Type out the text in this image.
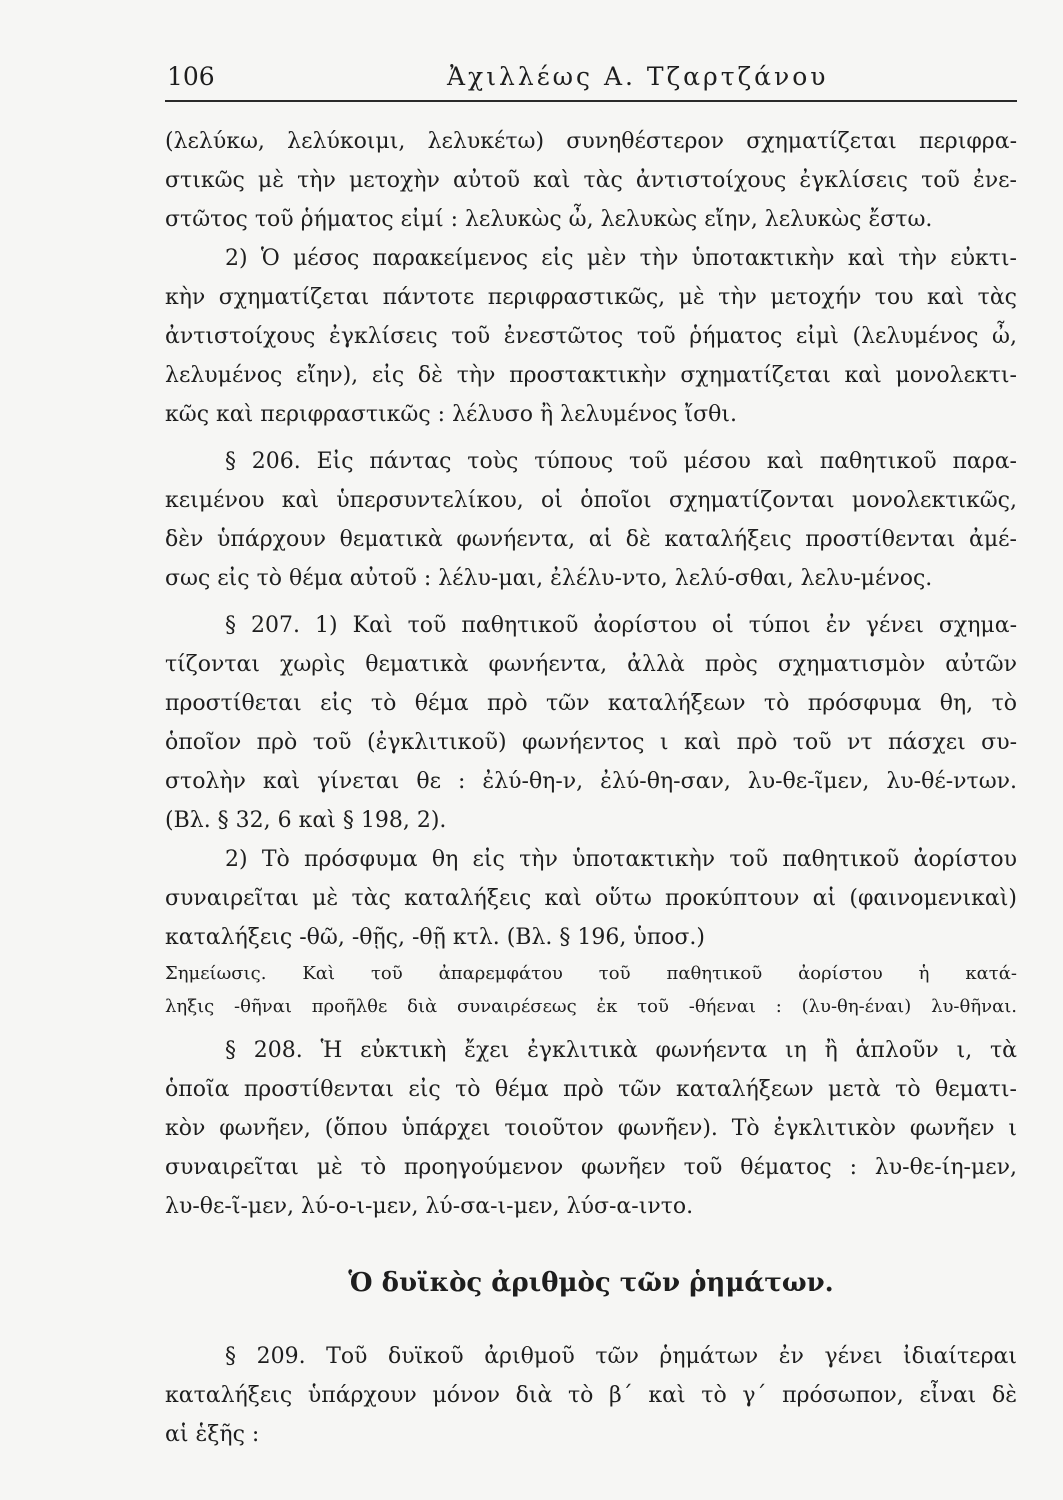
106	Ἀχιλλέως Α. Τζαρτζάνου
(λελύκω, λελύκοιμι, λελυκέτω) συνηθέστερον σχηματίζεται περιφρα-
στικῶς μὲ τὴν μετοχὴν αὐτοῦ καὶ τὰς ἀντιστοίχους ἐγκλίσεις τοῦ ἐνε-
στῶτος τοῦ ῥήματος εἰμί : λελυκὼς ὦ, λελυκὼς εἴην, λελυκὼς ἔστω.
2) Ὁ μέσος παρακείμενος εἰς μὲν τὴν ὑποτακτικὴν καὶ τὴν εὐκτι-
κὴν σχηματίζεται πάντοτε περιφραστικῶς, μὲ τὴν μετοχήν του καὶ τὰς
ἀντιστοίχους ἐγκλίσεις τοῦ ἐνεστῶτος τοῦ ῥήματος εἰμὶ (λελυμένος ὦ,
λελυμένος εἴην), εἰς δὲ τὴν προστακτικὴν σχηματίζεται καὶ μονολεκτι-
κῶς καὶ περιφραστικῶς : λέλυσο ἢ λελυμένος ἴσθι.
§ 206. Εἰς πάντας τοὺς τύπους τοῦ μέσου καὶ παθητικοῦ παρα-
κειμένου καὶ ὑπερσυντελίκου, οἱ ὁποῖοι σχηματίζονται μονολεκτικῶς,
δὲν ὑπάρχουν θεματικὰ φωνήεντα, αἱ δὲ καταλήξεις προστίθενται ἀμέ-
σως εἰς τὸ θέμα αὐτοῦ : λέλυ-μαι, ἐλέλυ-ντο, λελύ-σθαι, λελυ-μένος.
§ 207. 1) Καὶ τοῦ παθητικοῦ ἀορίστου οἱ τύποι ἐν γένει σχημα-
τίζονται χωρὶς θεματικὰ φωνήεντα, ἀλλὰ πρὸς σχηματισμὸν αὐτῶν
προστίθεται εἰς τὸ θέμα πρὸ τῶν καταλήξεων τὸ πρόσφυμα θη, τὸ
ὁποῖον πρὸ τοῦ (ἐγκλιτικοῦ) φωνήεντος ι καὶ πρὸ τοῦ ντ πάσχει συ-
στολὴν καὶ γίνεται θε : ἐλύ-θη-ν, ἐλύ-θη-σαν, λυ-θε-ῖμεν, λυ-θέ-ντων.
(Βλ. § 32, 6 καὶ § 198, 2).
2) Τὸ πρόσφυμα θη εἰς τὴν ὑποτακτικὴν τοῦ παθητικοῦ ἀορίστου
συναιρεῖται μὲ τὰς καταλήξεις καὶ οὕτω προκύπτουν αἱ (φαινομενικαὶ)
καταλήξεις -θῶ, -θῇς, -θῇ κτλ. (Βλ. § 196, ὑποσ.)
Σημείωσις. Καὶ τοῦ ἀπαρεμφάτου τοῦ παθητικοῦ ἀορίστου ἡ κατά-
ληξις -θῆναι προῆλθε διὰ συναιρέσεως ἐκ τοῦ -θήεναι : (λυ-θη-έναι) λυ-θῆναι.
§ 208. Ἡ εὐκτικὴ ἔχει ἐγκλιτικὰ φωνήεντα ιη ἢ ἁπλοῦν ι, τὰ
ὁποῖα προστίθενται εἰς τὸ θέμα πρὸ τῶν καταλήξεων μετὰ τὸ θεματι-
κὸν φωνῆεν, (ὅπου ὑπάρχει τοιοῦτον φωνῆεν). Τὸ ἐγκλιτικὸν φωνῆεν ι
συναιρεῖται μὲ τὸ προηγούμενον φωνῆεν τοῦ θέματος : λυ-θε-ίη-μεν,
λυ-θε-ῖ-μεν, λύ-ο-ι-μεν, λύ-σα-ι-μεν, λύσ-α-ιντο.
Ὁ δυϊκὸς ἀριθμὸς τῶν ῥημάτων.
§ 209. Τοῦ δυϊκοῦ ἀριθμοῦ τῶν ῥημάτων ἐν γένει ἰδιαίτεραι
καταλήξεις ὑπάρχουν μόνον διὰ τὸ β΄ καὶ τὸ γ΄ πρόσωπον, εἶναι δὲ
αἱ ἑξῆς :
